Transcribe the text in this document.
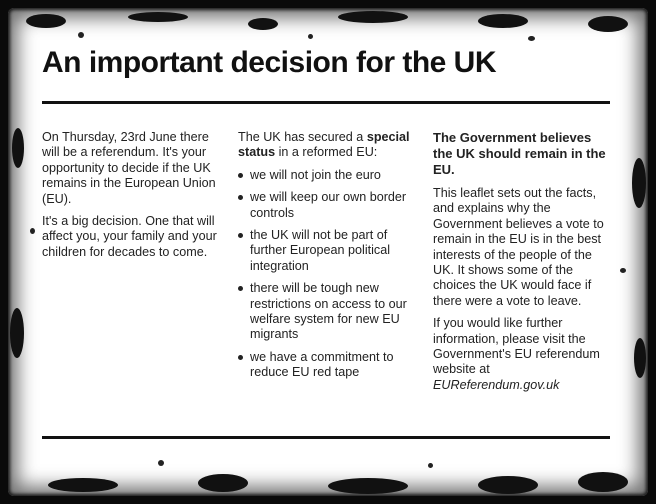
An important decision for the UK

On Thursday, 23rd June there will be a referendum. It's your opportunity to decide if the UK remains in the European Union (EU).

It's a big decision. One that will affect you, your family and your children for decades to come.

The UK has secured a special status in a reformed EU:

we will not join the euro
we will keep our own border controls
the UK will not be part of further European political integration
there will be tough new restrictions on access to our welfare system for new EU migrants
we have a commitment to reduce EU red tape

The Government believes the UK should remain in the EU.

This leaflet sets out the facts, and explains why the Government believes a vote to remain in the EU is in the best interests of the people of the UK. It shows some of the choices the UK would face if there were a vote to leave.

If you would like further information, please visit the Government's EU referendum website at EUReferendum.gov.uk
